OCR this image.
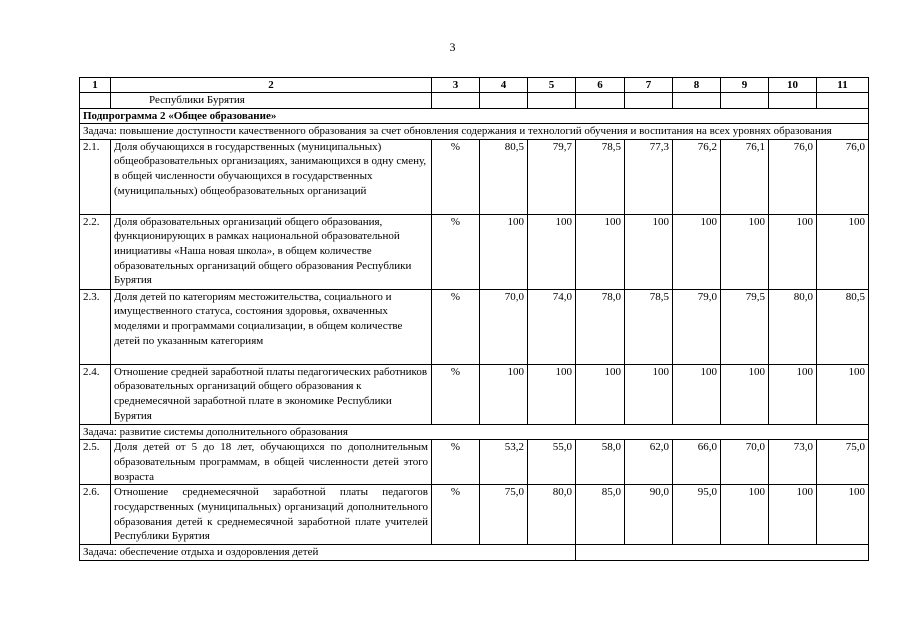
3
1	2	3	4	5	6	7	8	9	10	11
	Республики Бурятия									
Подпрограмма 2 «Общее образование»										
Задача: повышение доступности качественного образования за счет обновления содержания и технологий обучения и воспитания на всех уровнях образования										
2.1.	Доля обучающихся в государственных (муниципальных) общеобразовательных организациях, занимающихся в одну смену, в общей численности обучающихся в государственных (муниципальных) общеобразовательных организаций	%	80,5	79,7	78,5	77,3	76,2	76,1	76,0	76,0
2.2.	Доля образовательных организаций общего образования, функционирующих в рамках национальной образовательной инициативы «Наша новая школа», в общем количестве образовательных организаций общего образования Республики Бурятия	%	100	100	100	100	100	100	100	100
2.3.	Доля детей по категориям местожительства, социального и имущественного статуса, состояния здоровья, охваченных моделями и программами социализации, в общем количестве детей по указанным категориям	%	70,0	74,0	78,0	78,5	79,0	79,5	80,0	80,5
2.4.	Отношение средней заработной платы педагогических работников образовательных организаций общего образования к среднемесячной заработной плате в экономике Республики Бурятия	%	100	100	100	100	100	100	100	100
Задача: развитие системы дополнительного образования										
2.5.	Доля детей от 5 до 18 лет, обучающихся по дополнительным образовательным программам, в общей численности детей этого возраста	%	53,2	55,0	58,0	62,0	66,0	70,0	73,0	75,0
2.6.	Отношение среднемесячной заработной платы педагогов государственных (муниципальных) организаций дополнительного образования детей к среднемесячной заработной плате учителей Республики Бурятия	%	75,0	80,0	85,0	90,0	95,0	100	100	100
Задача: обеспечение отдыха и оздоровления детей										
